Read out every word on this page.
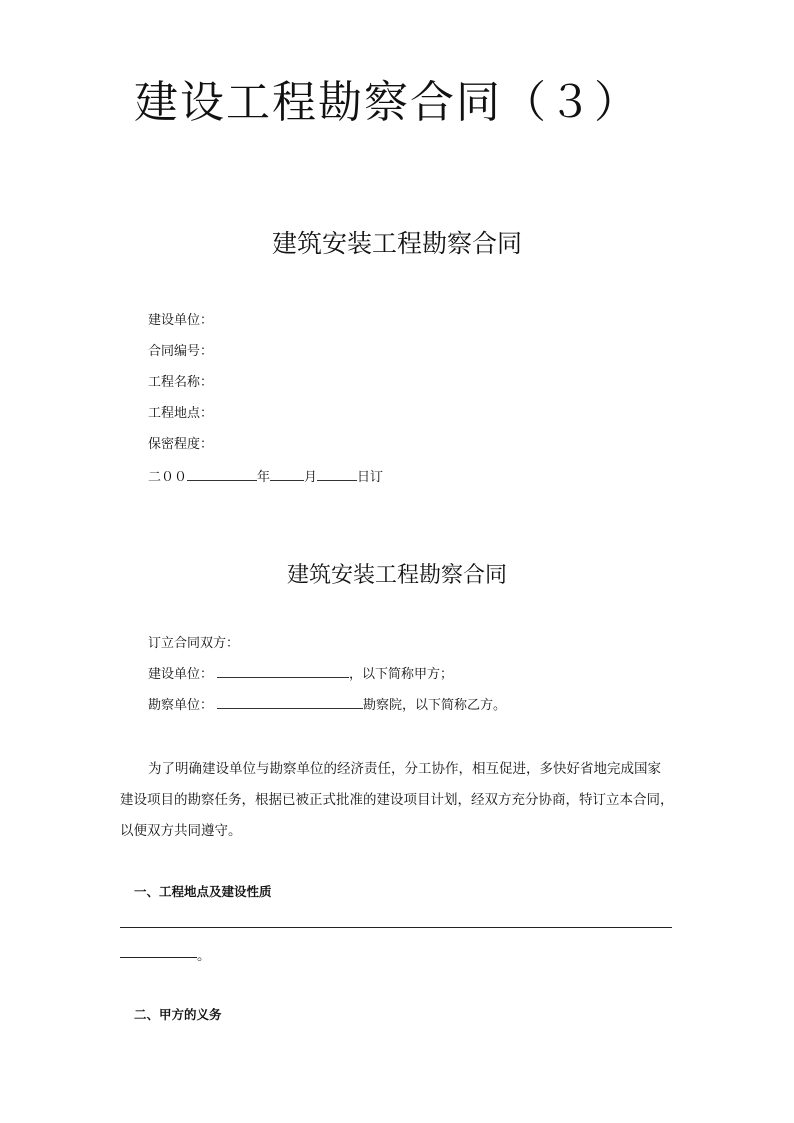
建设工程勘察合同（３）
建筑安装工程勘察合同
建设单位：
合同编号：
工程名称：
工程地点：
保密程度：
二００	年	月	日订
建筑安装工程勘察合同
订立合同双方：
建设单位：	，以下简称甲方；
勘察单位：	勘察院，以下简称乙方。
为了明确建设单位与勘察单位的经济责任，分工协作，相互促进，多快好省地完成国家
建设项目的勘察任务，根据已被正式批准的建设项目计划，经双方充分协商，特订立本合同，
以便双方共同遵守。
一、工程地点及建设性质
。
二、甲方的义务
